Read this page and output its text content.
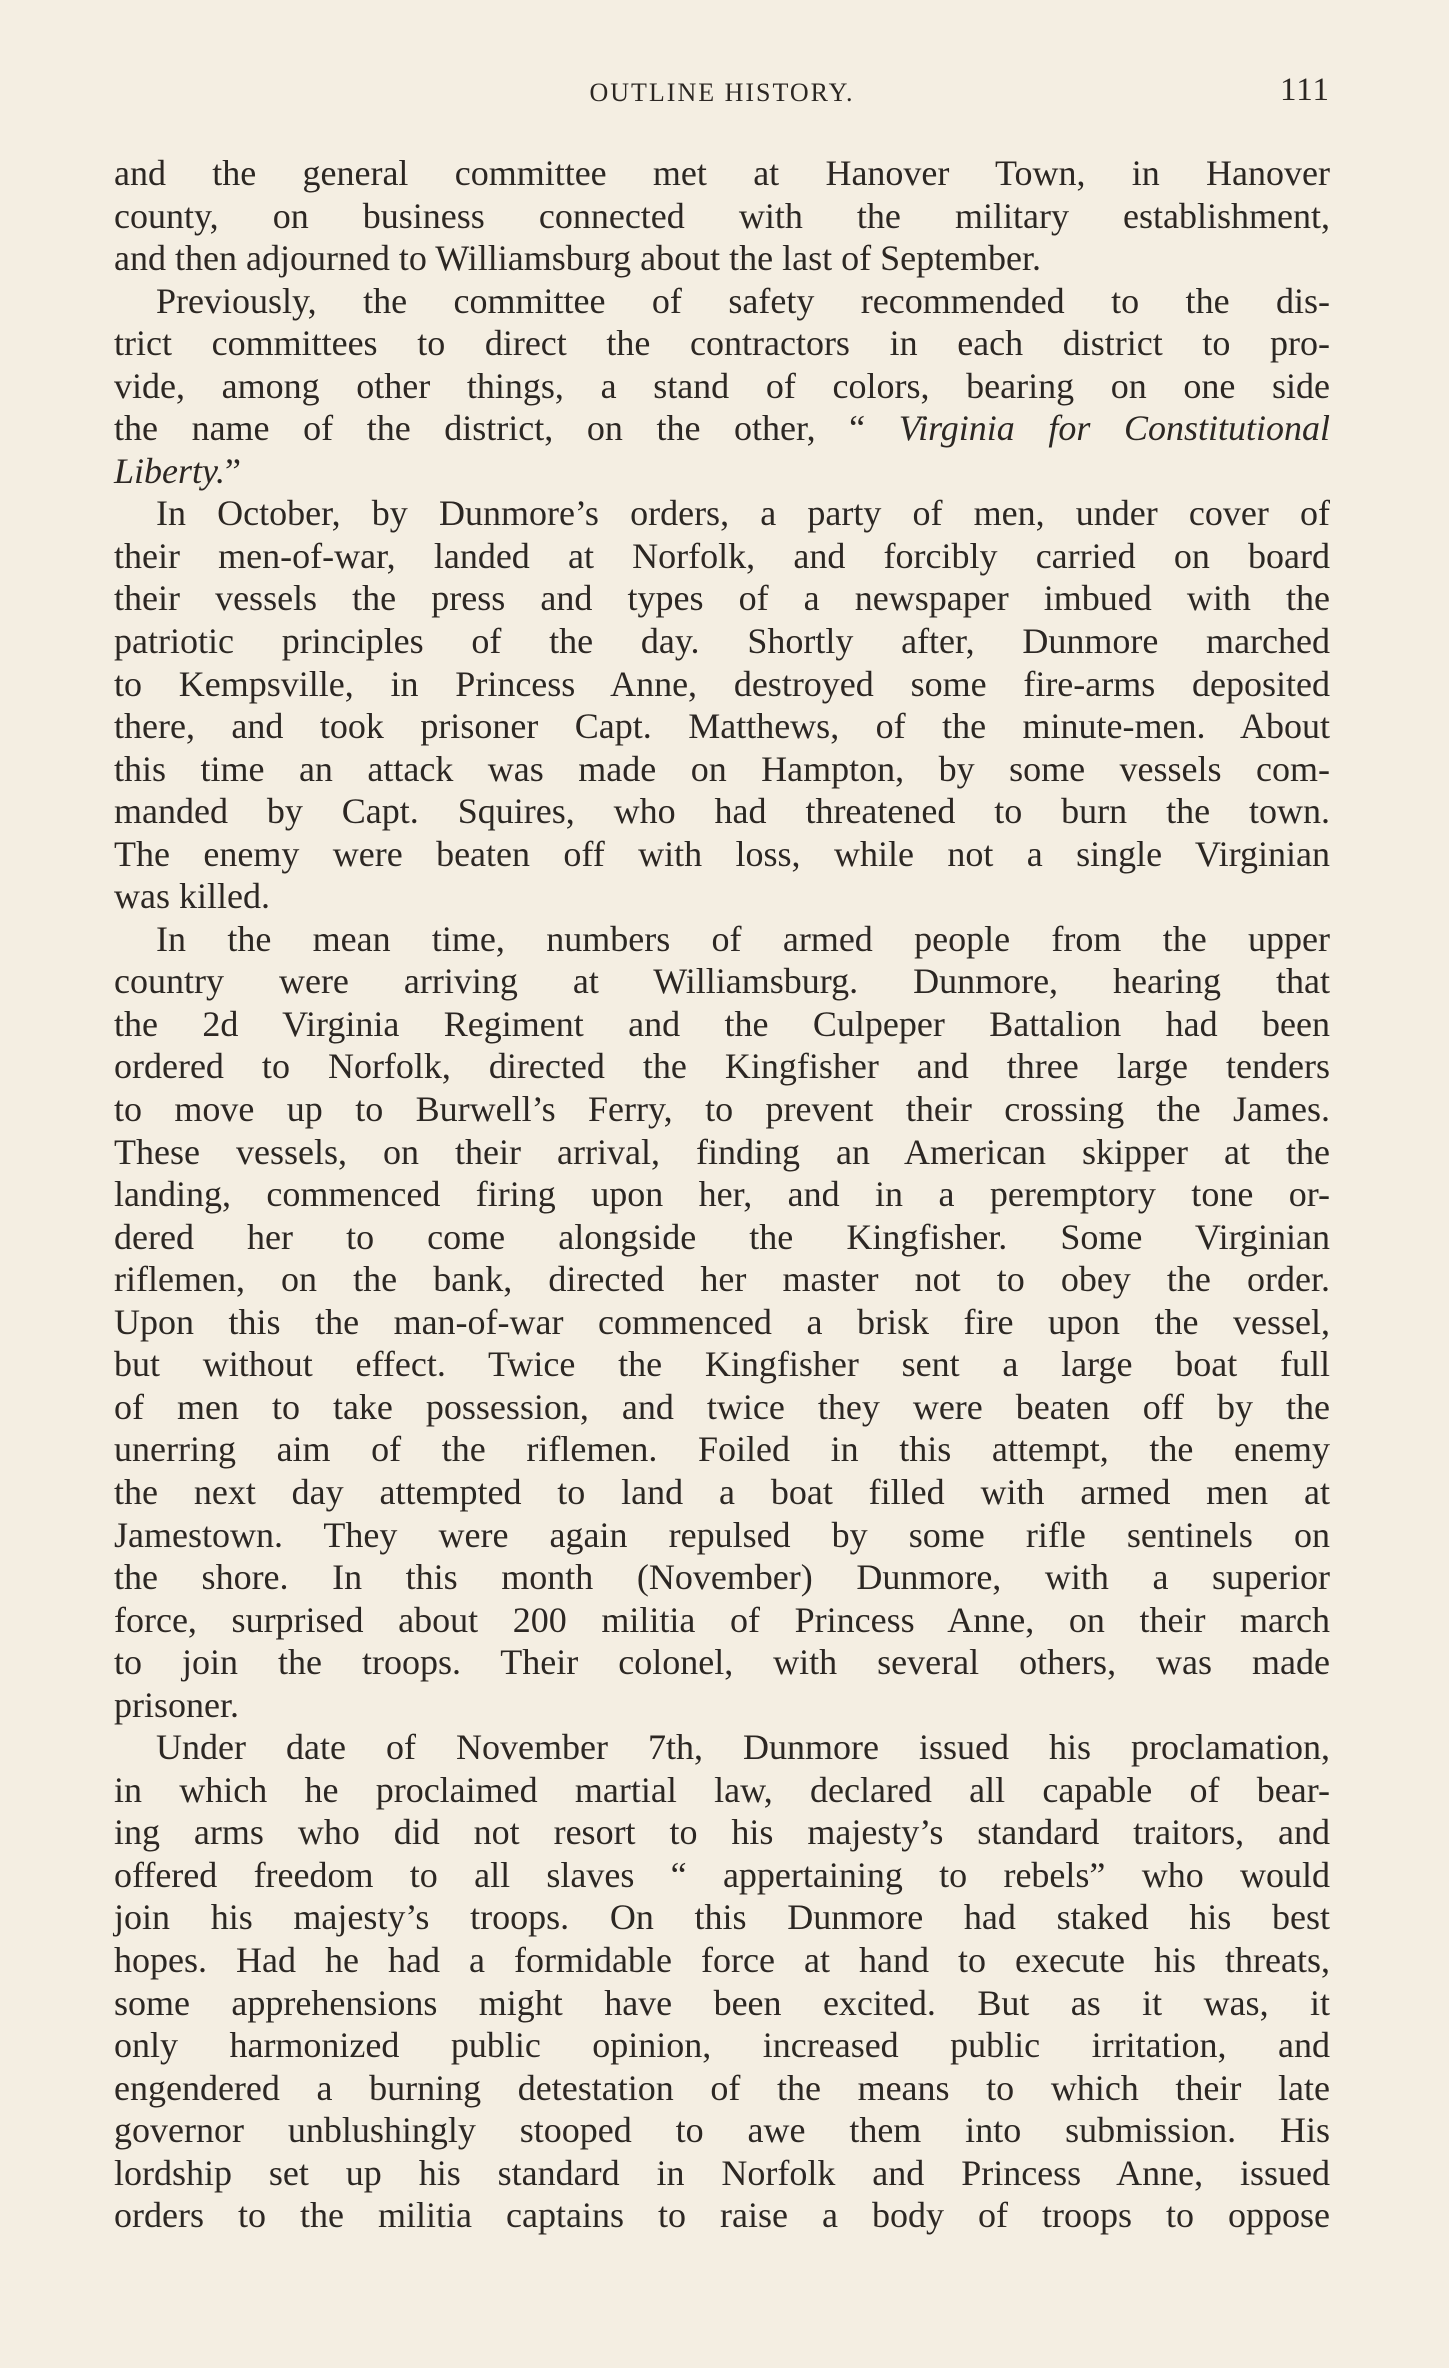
OUTLINE HISTORY.	111
and the general committee met at Hanover Town, in Hanover
county, on business connected with the military establishment,
and then adjourned to Williamsburg about the last of September.
Previously, the committee of safety recommended to the dis-
trict committees to direct the contractors in each district to pro-
vide, among other things, a stand of colors, bearing on one side
the name of the district, on the other, “ Virginia for Constitutional
Liberty.”
In October, by Dunmore’s orders, a party of men, under cover of
their men-of-war, landed at Norfolk, and forcibly carried on board
their vessels the press and types of a newspaper imbued with the
patriotic principles of the day. Shortly after, Dunmore marched
to Kempsville, in Princess Anne, destroyed some fire-arms deposited
there, and took prisoner Capt. Matthews, of the minute-men. About
this time an attack was made on Hampton, by some vessels com-
manded by Capt. Squires, who had threatened to burn the town.
The enemy were beaten off with loss, while not a single Virginian
was killed.
In the mean time, numbers of armed people from the upper
country were arriving at Williamsburg. Dunmore, hearing that
the 2d Virginia Regiment and the Culpeper Battalion had been
ordered to Norfolk, directed the Kingfisher and three large tenders
to move up to Burwell’s Ferry, to prevent their crossing the James.
These vessels, on their arrival, finding an American skipper at the
landing, commenced firing upon her, and in a peremptory tone or-
dered her to come alongside the Kingfisher. Some Virginian
riflemen, on the bank, directed her master not to obey the order.
Upon this the man-of-war commenced a brisk fire upon the vessel,
but without effect. Twice the Kingfisher sent a large boat full
of men to take possession, and twice they were beaten off by the
unerring aim of the riflemen. Foiled in this attempt, the enemy
the next day attempted to land a boat filled with armed men at
Jamestown. They were again repulsed by some rifle sentinels on
the shore. In this month (November) Dunmore, with a superior
force, surprised about 200 militia of Princess Anne, on their march
to join the troops. Their colonel, with several others, was made
prisoner.
Under date of November 7th, Dunmore issued his proclamation,
in which he proclaimed martial law, declared all capable of bear-
ing arms who did not resort to his majesty’s standard traitors, and
offered freedom to all slaves “ appertaining to rebels” who would
join his majesty’s troops. On this Dunmore had staked his best
hopes. Had he had a formidable force at hand to execute his threats,
some apprehensions might have been excited. But as it was, it
only harmonized public opinion, increased public irritation, and
engendered a burning detestation of the means to which their late
governor unblushingly stooped to awe them into submission. His
lordship set up his standard in Norfolk and Princess Anne, issued
orders to the militia captains to raise a body of troops to oppose
